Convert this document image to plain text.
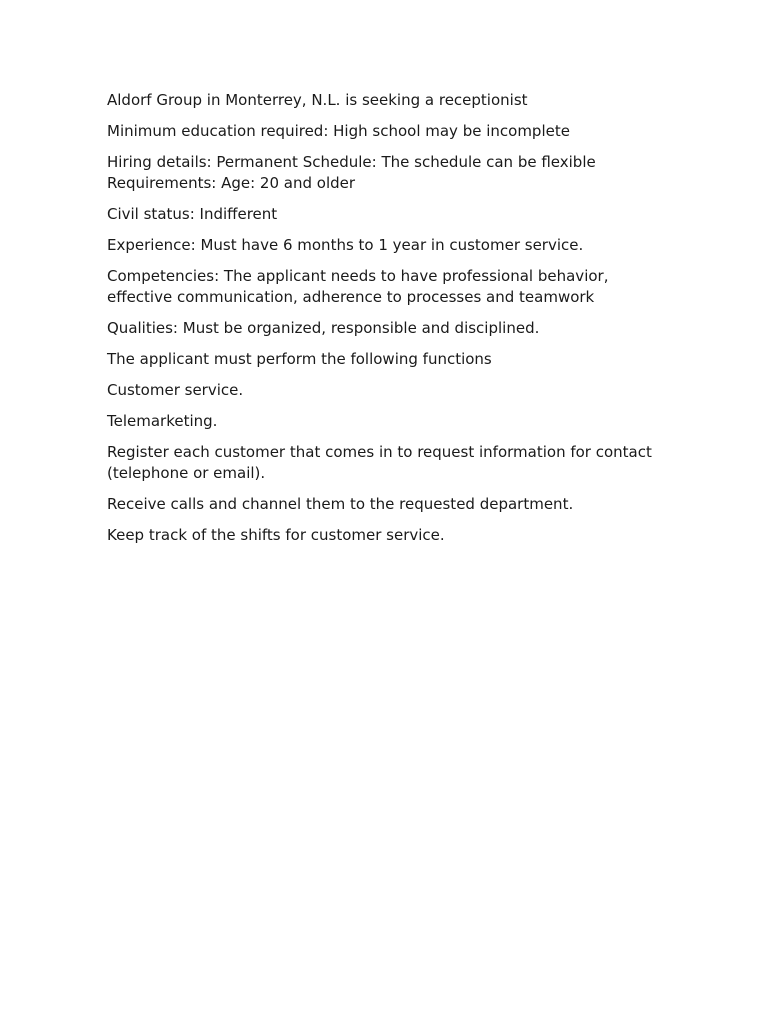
Aldorf Group in Monterrey, N.L. is seeking a receptionist

Minimum education required: High school may be incomplete

Hiring details: Permanent Schedule: The schedule can be flexible
Requirements: Age: 20 and older

Civil status: Indifferent

Experience: Must have 6 months to 1 year in customer service.

Competencies: The applicant needs to have professional behavior,
effective communication, adherence to processes and teamwork

Qualities: Must be organized, responsible and disciplined.

The applicant must perform the following functions

Customer service.

Telemarketing.

Register each customer that comes in to request information for contact
(telephone or email).

Receive calls and channel them to the requested department.

Keep track of the shifts for customer service.
